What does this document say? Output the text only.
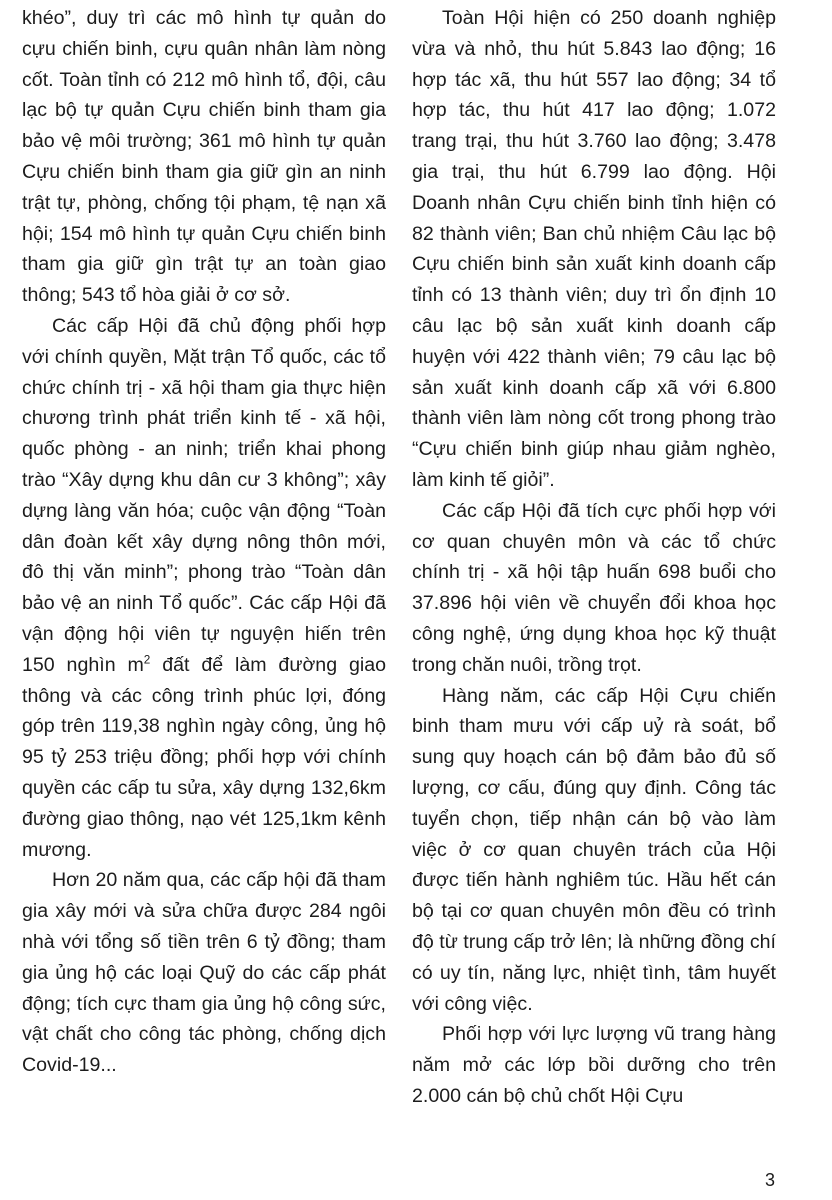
khéo”, duy trì các mô hình tự quản do cựu chiến binh, cựu quân nhân làm nòng cốt. Toàn tỉnh có 212 mô hình tổ, đội, câu lạc bộ tự quản Cựu chiến binh tham gia bảo vệ môi trường; 361 mô hình tự quản Cựu chiến binh tham gia giữ gìn an ninh trật tự, phòng, chống tội phạm, tệ nạn xã hội; 154 mô hình tự quản Cựu chiến binh tham gia giữ gìn trật tự an toàn giao thông; 543 tổ hòa giải ở cơ sở.

Các cấp Hội đã chủ động phối hợp với chính quyền, Mặt trận Tổ quốc, các tổ chức chính trị - xã hội tham gia thực hiện chương trình phát triển kinh tế - xã hội, quốc phòng - an ninh; triển khai phong trào “Xây dựng khu dân cư 3 không”; xây dựng làng văn hóa; cuộc vận động “Toàn dân đoàn kết xây dựng nông thôn mới, đô thị văn minh”; phong trào “Toàn dân bảo vệ an ninh Tổ quốc”. Các cấp Hội đã vận động hội viên tự nguyện hiến trên 150 nghìn $m^2$ đất để làm đường giao thông và các công trình phúc lợi, đóng góp trên 119,38 nghìn ngày công, ủng hộ 95 tỷ 253 triệu đồng; phối hợp với chính quyền các cấp tu sửa, xây dựng 132,6km đường giao thông, nạo vét 125,1km kênh mương.

Hơn 20 năm qua, các cấp hội đã tham gia xây mới và sửa chữa được 284 ngôi nhà với tổng số tiền trên 6 tỷ đồng; tham gia ủng hộ các loại Quỹ do các cấp phát động; tích cực tham gia ủng hộ công sức, vật chất cho công tác phòng, chống dịch Covid-19...

Toàn Hội hiện có 250 doanh nghiệp vừa và nhỏ, thu hút 5.843 lao động; 16 hợp tác xã, thu hút 557 lao động; 34 tổ hợp tác, thu hút 417 lao động; 1.072 trang trại, thu hút 3.760 lao động; 3.478 gia trại, thu hút 6.799 lao động. Hội Doanh nhân Cựu chiến binh tỉnh hiện có 82 thành viên; Ban chủ nhiệm Câu lạc bộ Cựu chiến binh sản xuất kinh doanh cấp tỉnh có 13 thành viên; duy trì ổn định 10 câu lạc bộ sản xuất kinh doanh cấp huyện với 422 thành viên; 79 câu lạc bộ sản xuất kinh doanh cấp xã với 6.800 thành viên làm nòng cốt trong phong trào “Cựu chiến binh giúp nhau giảm nghèo, làm kinh tế giỏi”.

Các cấp Hội đã tích cực phối hợp với cơ quan chuyên môn và các tổ chức chính trị - xã hội tập huấn 698 buổi cho 37.896 hội viên về chuyển đổi khoa học công nghệ, ứng dụng khoa học kỹ thuật trong chăn nuôi, trồng trọt.

Hàng năm, các cấp Hội Cựu chiến binh tham mưu với cấp uỷ rà soát, bổ sung quy hoạch cán bộ đảm bảo đủ số lượng, cơ cấu, đúng quy định. Công tác tuyển chọn, tiếp nhận cán bộ vào làm việc ở cơ quan chuyên trách của Hội được tiến hành nghiêm túc. Hầu hết cán bộ tại cơ quan chuyên môn đều có trình độ từ trung cấp trở lên; là những đồng chí có uy tín, năng lực, nhiệt tình, tâm huyết với công việc.

Phối hợp với lực lượng vũ trang hàng năm mở các lớp bồi dưỡng cho trên 2.000 cán bộ chủ chốt Hội Cựu

3
